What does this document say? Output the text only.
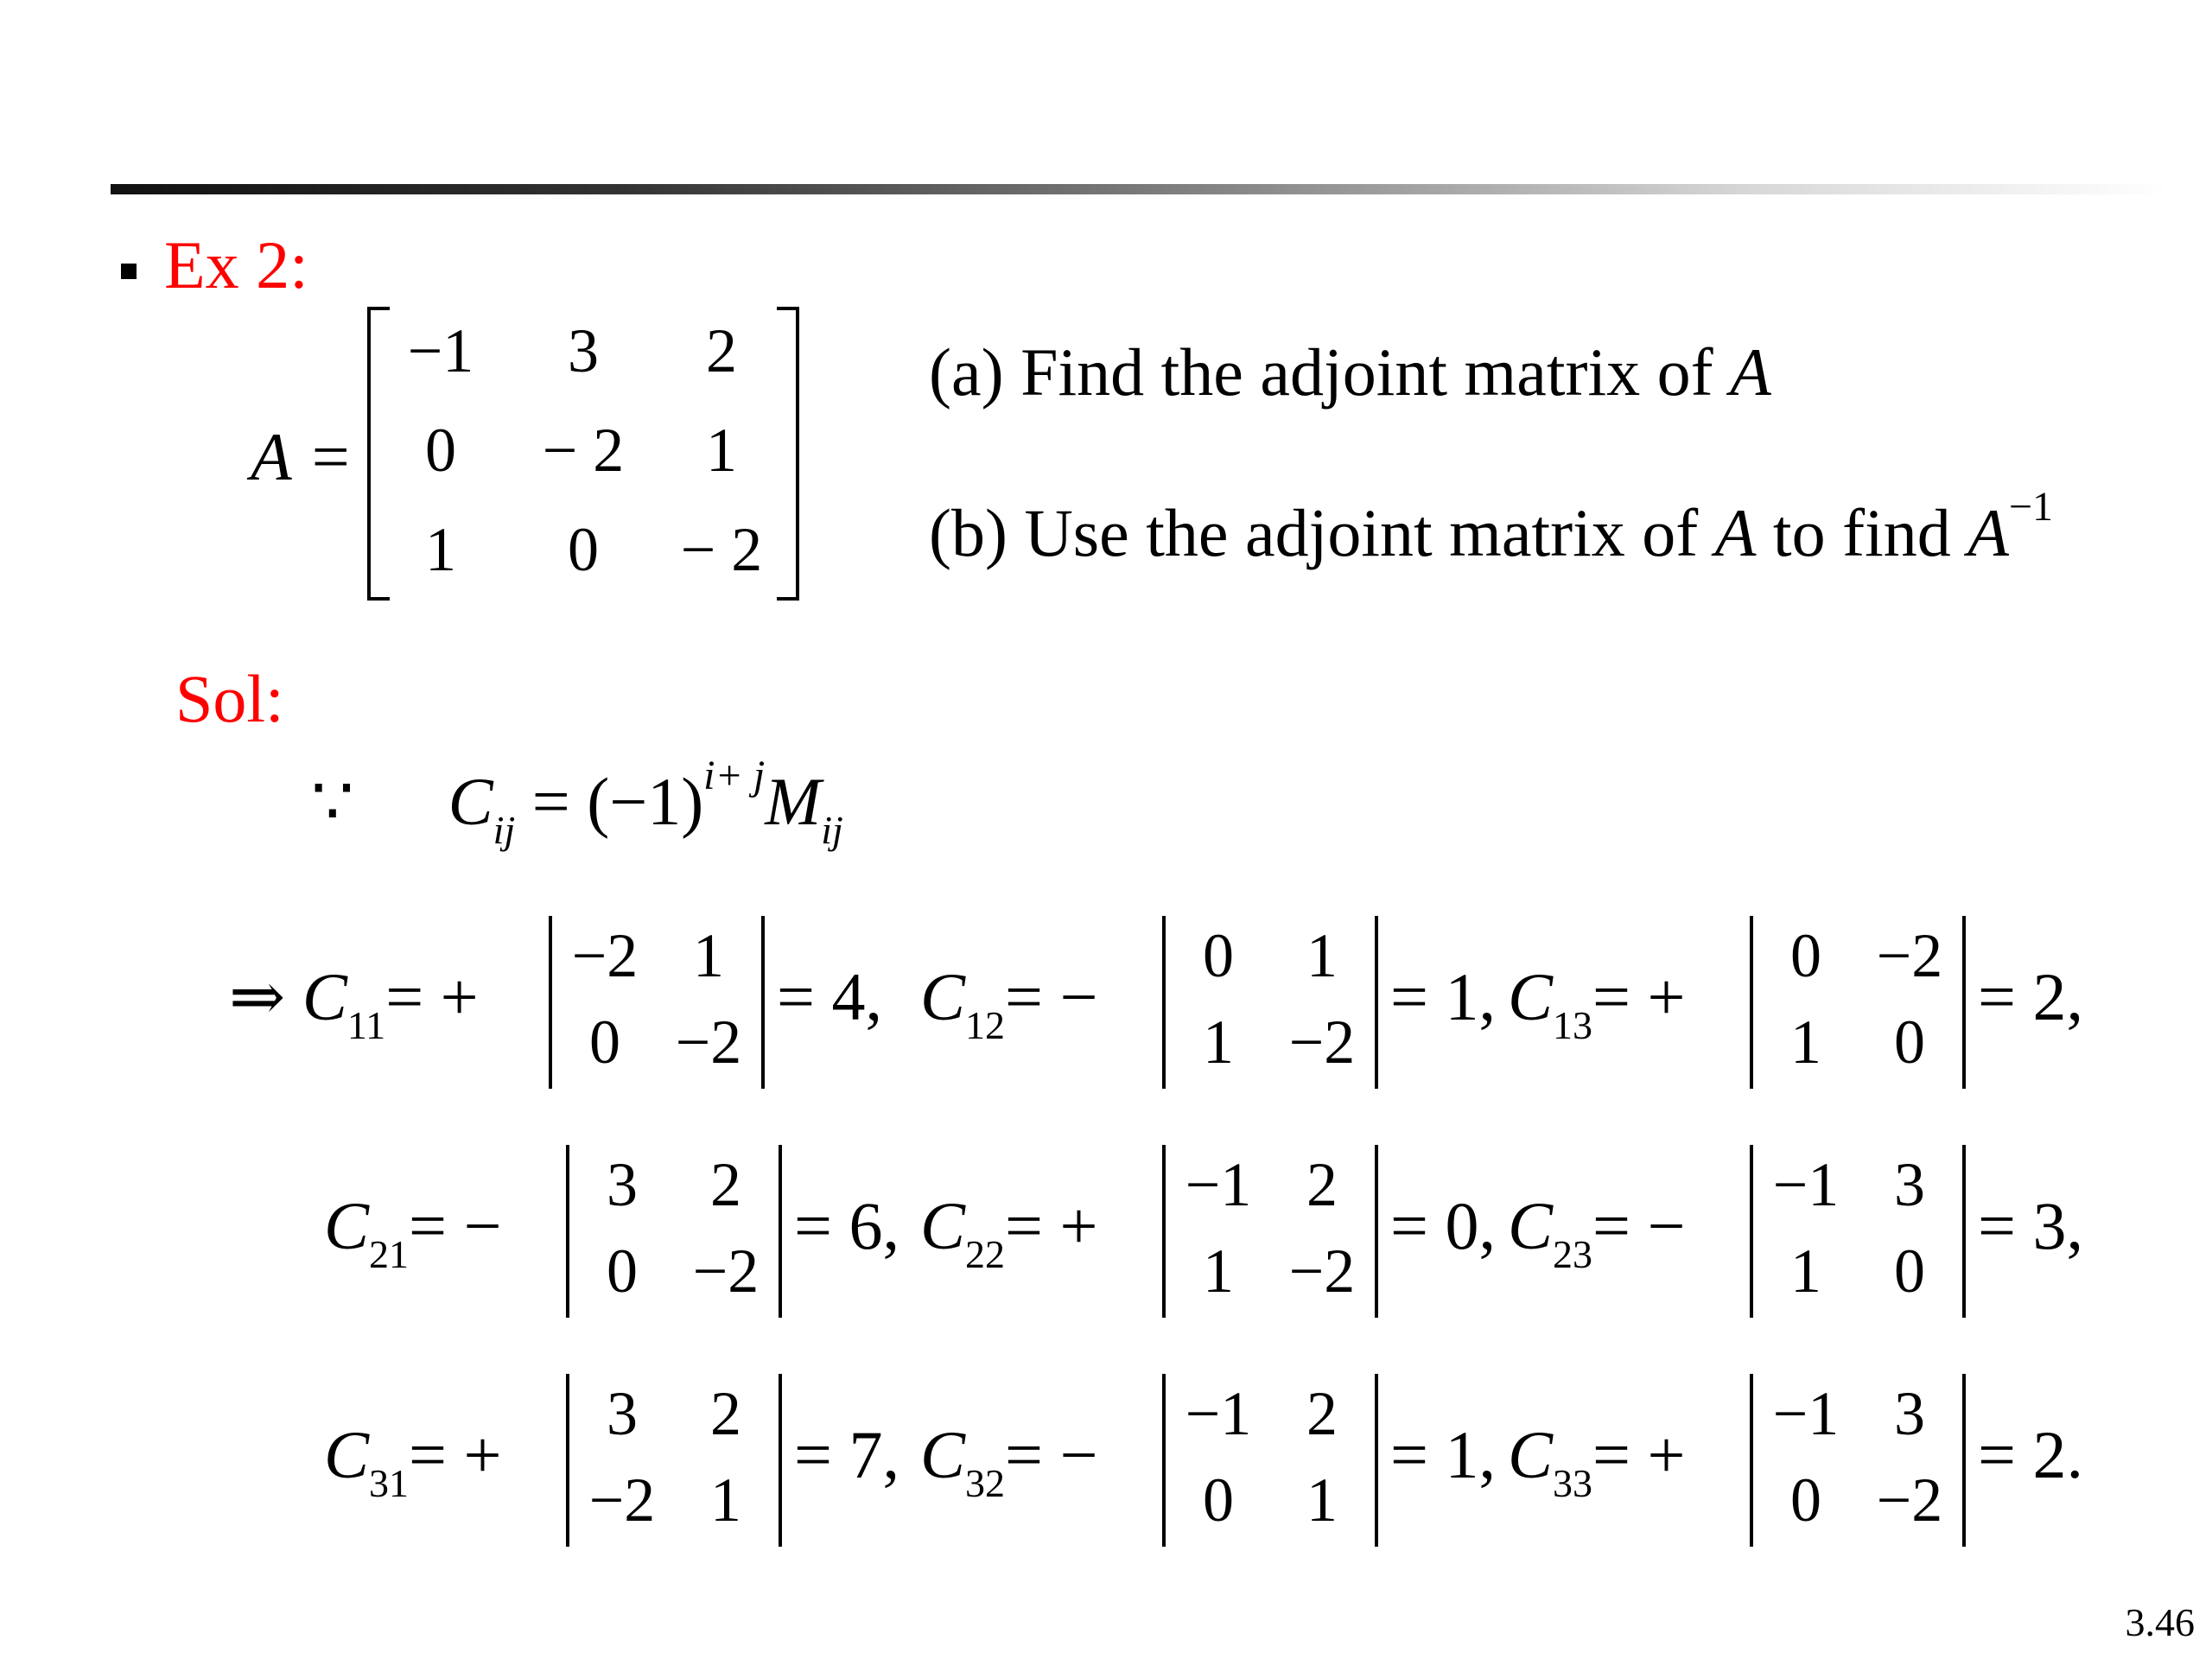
Ex 2:
A =
−1	3	2
0	− 2	1
1	0	− 2
(a) Find the adjoint matrix of A
(b) Use the adjoint matrix of A to find $A^{-1}$
Sol:
∵ $C_{ij} = (-1)^{i+ j}M_{ij}$
⇒ $C_{11}=$ +
−2 1
0 −2
= 4, $C_{12}=$ −
0	1
1 −2
= 1, $C_{13}=$ +
0 −2
1	0
= 2,
$C_{21}=$ −
3	2
0 −2
= 6, $C_{22}=$ +
−1 2
1 −2
= 0, $C_{23}=$ −
−1 3
1	0
= 3,
$C_{31}=$ +
3	2
−2 1
= 7, $C_{32}=$ −
−1 2
0	1
= 1, $C_{33}=$ +
−1 3
0 −2
= 2.
3.46
